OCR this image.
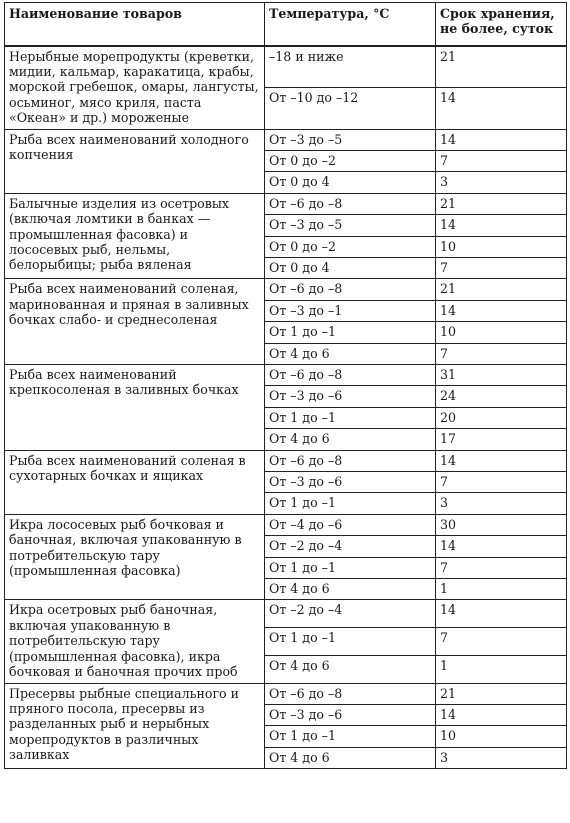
Наименование товаров	Температура, °C	Срок хранения, не более, суток
Нерыбные морепродукты (креветки, мидии, кальмар, каракатица, крабы, морской гребешок, омары, лангусты, осьминог, мясо криля, паста «Океан» и др.) мороженые	–18 и ниже	21
	От –10 до –12	14
Рыба всех наименований холодного копчения	От –3 до –5	14
	От 0 до –2	7
	От 0 до 4	3
Балычные изделия из осетровых (включая ломтики в банках — промышленная фасовка) и лососевых рыб, нельмы, белорыбицы; рыба вяленая	От –6 до –8	21
	От –3 до –5	14
	От 0 до –2	10
	От 0 до 4	7
Рыба всех наименований соленая, маринованная и пряная в заливных бочках слабо- и среднесоленая	От –6 до –8	21
	От –3 до –1	14
	От 1 до –1	10
	От 4 до 6	7
Рыба всех наименований крепкосоленая в заливных бочках	От –6 до –8	31
	От –3 до –6	24
	От 1 до –1	20
	От 4 до 6	17
Рыба всех наименований соленая в сухотарных бочках и ящиках	От –6 до –8	14
	От –3 до –6	7
	От 1 до –1	3
Икра лососевых рыб бочковая и баночная, включая упакованную в потребительскую тару (промышленная фасовка)	От –4 до –6	30
	От –2 до –4	14
	От 1 до –1	7
	От 4 до 6	1
Икра осетровых рыб баночная, включая упакованную в потребительскую тару (промышленная фасовка), икра бочковая и баночная прочих проб	От –2 до –4	14
	От 1 до –1	7
	От 4 до 6	1
Пресервы рыбные специального и пряного посола, пресервы из разделанных рыб и нерыбных морепродуктов в различных заливках	От –6 до –8	21
	От –3 до –6	14
	От 1 до –1	10
	От 4 до 6	3
